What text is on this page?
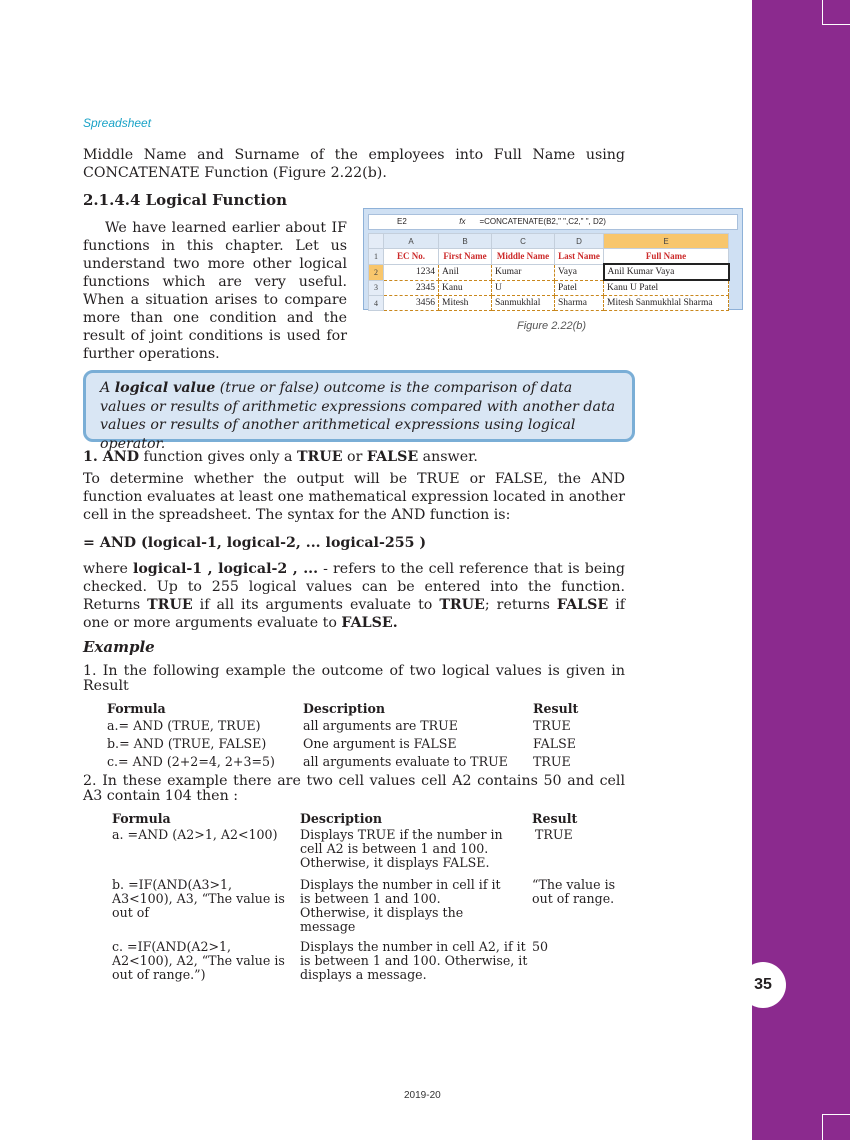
35
Spreadsheet

Middle Name and Surname of the employees into Full Name using CONCATENATE Function (Figure 2.22(b).

2.1.4.4 Logical Function

We have learned earlier about IF functions in this chapter. Let us understand two more other logical functions which are very useful. When a situation arises to compare more than one condition and the result of joint conditions is used for further operations.

E2	fx =CONCATENATE(B2," ",C2," ", D2)
	A	B	C	D	E
1	EC No.	First Name	Middle Name	Last Name	Full Name
2	1234	Anil	Kumar	Vaya	Anil Kumar Vaya
3	2345	Kanu	U	Patel	Kanu U Patel
4	3456	Mitesh	Sanmukhlal	Sharma	Mitesh Sanmukhlal Sharma
Figure 2.22(b)
A logical value (true or false) outcome is the comparison of data values or results of arithmetic expressions compared with another data values or results of another arithmetical expressions using logical operator.

1. AND function gives only a TRUE or FALSE answer.

To determine whether the output will be TRUE or FALSE, the AND function evaluates at least one mathematical expression located in another cell in the spreadsheet. The syntax for the AND function is:

= AND (logical-1, logical-2, ... logical-255 )

where logical-1 , logical-2 , ... - refers to the cell reference that is being checked. Up to 255 logical values can be entered into the function. Returns TRUE if all its arguments evaluate to TRUE; returns FALSE if one or more arguments evaluate to FALSE.

Example

1. In the following example the outcome of two logical values is given in Result

Formula	Description	Result
a.= AND (TRUE, TRUE)	all arguments are TRUE	TRUE
b.= AND (TRUE, FALSE)	One argument is FALSE	FALSE
c.= AND (2+2=4, 2+3=5)	all arguments evaluate to TRUE	TRUE

2. In these example there are two cell values cell A2 contains 50 and cell A3 contain 104 then :

Formula	Description	Result
a. =AND (A2>1, A2<100)	Displays TRUE if the number in cell A2 is between 1 and 100. Otherwise, it displays FALSE.	TRUE
b. =IF(AND(A3>1, A3<100), A3, “The value is out of	Displays the number in cell if it is between 1 and 100. Otherwise, it displays the message	“The value is out of range.
c. =IF(AND(A2>1, A2<100), A2, “The value is out of range.”)	Displays the number in cell A2, if it is between 1 and 100. Otherwise, it displays a message.	50
2019-20
